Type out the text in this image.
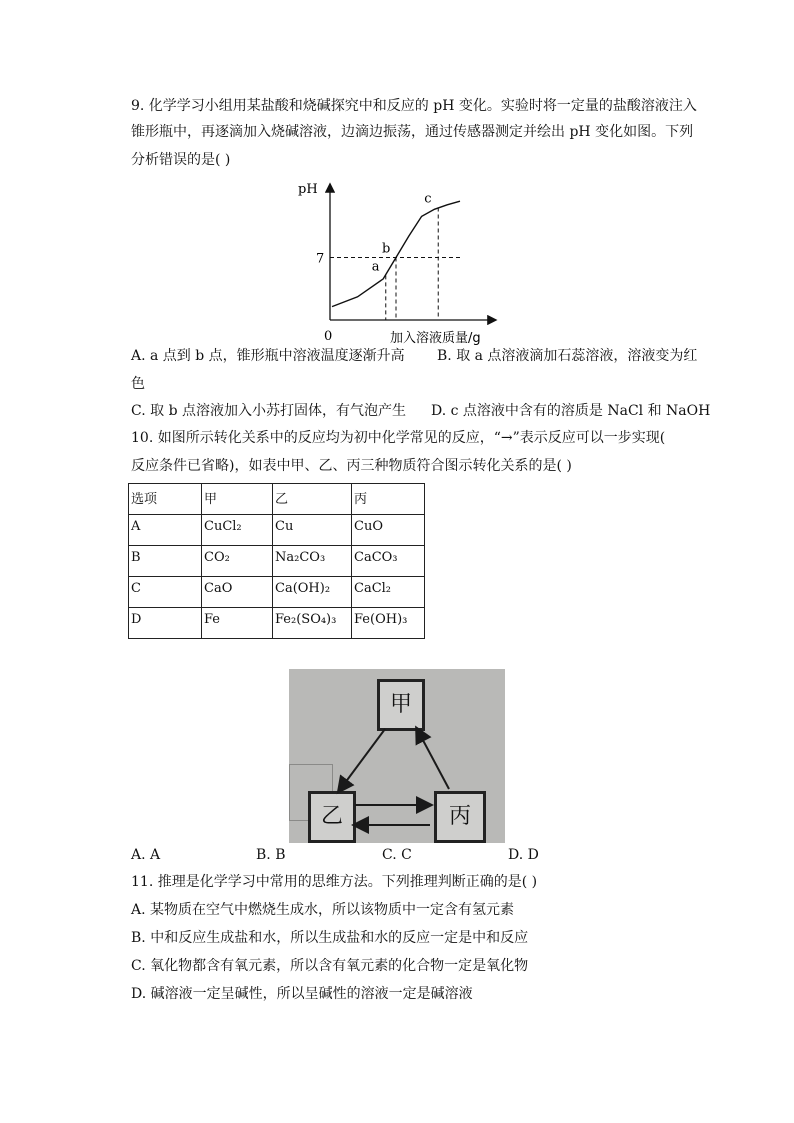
9. 化学学习小组用某盐酸和烧碱探究中和反应的 pH 变化。实验时将一定量的盐酸溶液注入
锥形瓶中，再逐滴加入烧碱溶液，边滴边振荡，通过传感器测定并绘出 pH 变化如图。下列
分析错误的是( )
7
a
b
c
pH
0	加入溶液质量/g
A. a 点到 b 点，锥形瓶中溶液温度逐渐升高 B. 取 a 点溶液滴加石蕊溶液，溶液变为红
色
C. 取 b 点溶液加入小苏打固体，有气泡产生 D. c 点溶液中含有的溶质是 NaCl 和 NaOH
10. 如图所示转化关系中的反应均为初中化学常见的反应，“→”表示反应可以一步实现(
反应条件已省略)，如表中甲、乙、丙三种物质符合图示转化关系的是( )
选项	甲	乙	丙

A	CuCl₂	Cu	CuO

B	CO₂	Na₂CO₃	CaCO₃

C	CaO	Ca(OH)₂	CaCl₂

D	Fe	Fe₂(SO₄)₃	Fe(OH)₃
甲
乙	丙
A. A	B. B	C. C	D. D
11. 推理是化学学习中常用的思维方法。下列推理判断正确的是( )
A. 某物质在空气中燃烧生成水，所以该物质中一定含有氢元素
B. 中和反应生成盐和水，所以生成盐和水的反应一定是中和反应
C. 氧化物都含有氧元素，所以含有氧元素的化合物一定是氧化物
D. 碱溶液一定呈碱性，所以呈碱性的溶液一定是碱溶液
